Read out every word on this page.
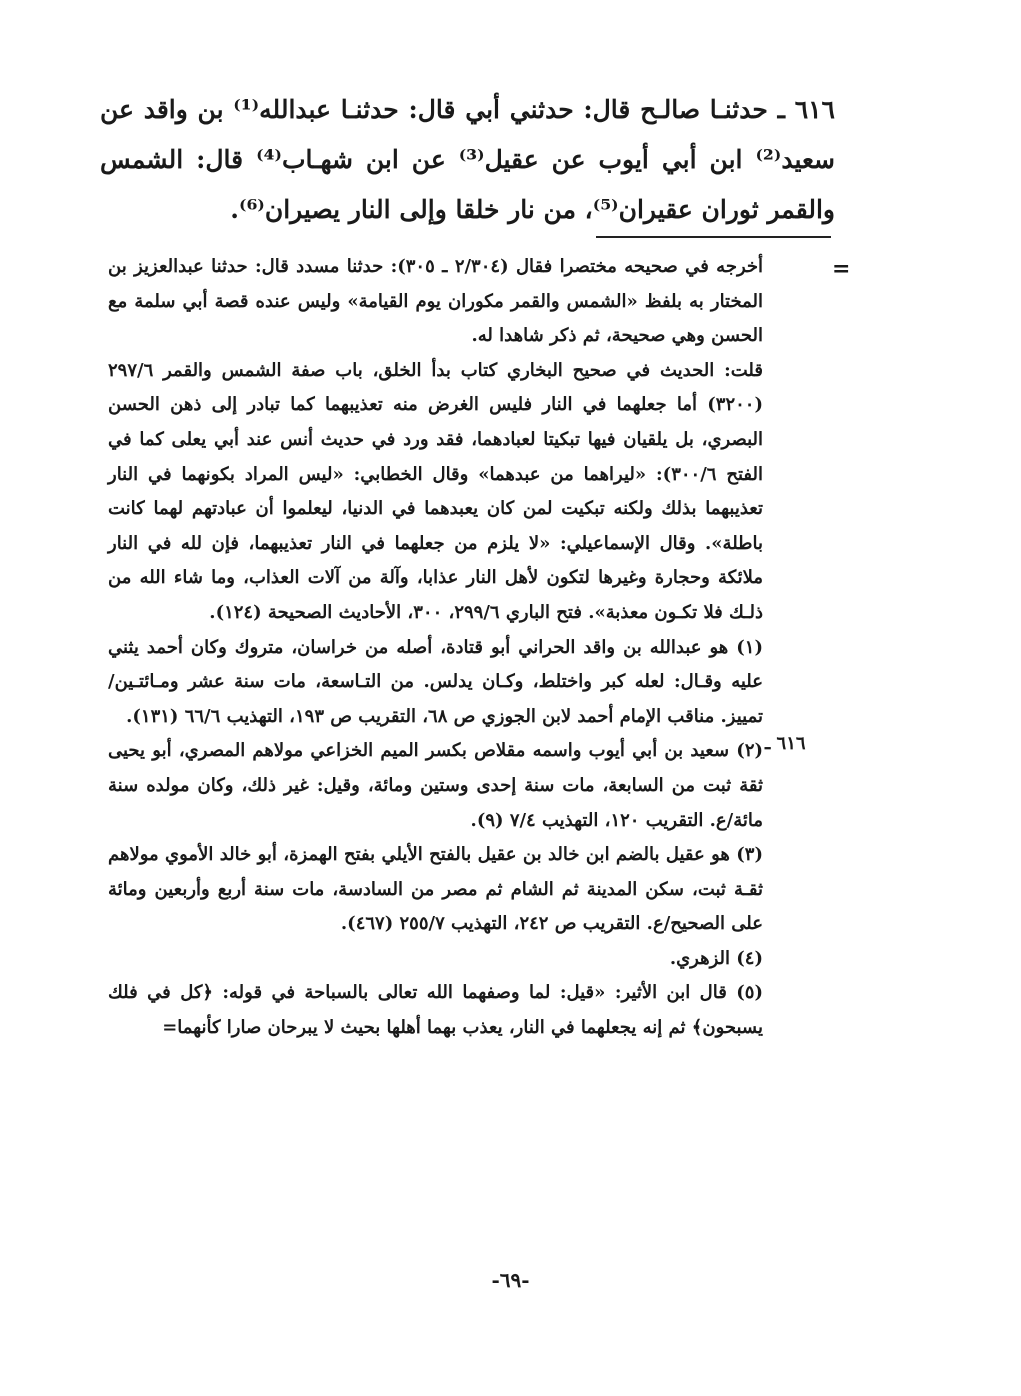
٦١٦ ـ حدثنـا صالـح قال: حدثني أبي قال: حدثنـا عبدالله⁽¹⁾ بن واقد عن سعيد⁽²⁾ ابن أبي أيوب عن عقيل⁽³⁾ عن ابن شهـاب⁽⁴⁾ قال: الشمس والقمر ثوران عقيران⁽⁵⁾، من نار خلقا وإلى النار يصيران⁽⁶⁾.
=
٦١٦ ـ

أخرجه في صحيحه مختصرا فقال (٢/٣٠٤ ـ ٣٠٥): حدثنا مسدد قال: حدثنا عبدالعزيز بن المختار به بلفظ «الشمس والقمر مكوران يوم القيامة» وليس عنده قصة أبي سلمة مع الحسن وهي صحيحة، ثم ذكر شاهدا له.

قلت: الحديث في صحيح البخاري كتاب بدأ الخلق، باب صفة الشمس والقمر ٢٩٧/٦ (٣٢٠٠) أما جعلهما في النار فليس الغرض منه تعذيبهما كما تبادر إلى ذهن الحسن البصري، بل يلقيان فيها تبكيتا لعبادهما، فقد ورد في حديث أنس عند أبي يعلى كما في الفتح ٣٠٠/٦): «ليراهما من عبدهما» وقال الخطابي: «ليس المراد بكونهما في النار تعذيبهما بذلك ولكنه تبكيت لمن كان يعبدهما في الدنيا، ليعلموا أن عبادتهم لهما كانت باطلة». وقال الإسماعيلي: «لا يلزم من جعلهما في النار تعذيبهما، فإن لله في النار ملائكة وحجارة وغيرها لتكون لأهل النار عذابا، وآلة من آلات العذاب، وما شاء الله من ذلـك فلا تكـون معذبة». فتح الباري ٢٩٩/٦، ٣٠٠، الأحاديث الصحيحة (١٢٤).

(١) هو عبدالله بن واقد الحراني أبو قتادة، أصله من خراسان، متروك وكان أحمد يثني عليه وقـال: لعله كبر واختلط، وكـان يدلس. من التـاسعة، مات سنة عشر ومـائتـين/تمييز. مناقب الإمام أحمد لابن الجوزي ص ٦٨، التقريب ص ١٩٣، التهذيب ٦٦/٦ (١٣١).

(٢) سعيد بن أبي أيوب واسمه مقلاص بكسر الميم الخزاعي مولاهم المصري، أبو يحيى ثقة ثبت من السابعة، مات سنة إحدى وستين ومائة، وقيل: غير ذلك، وكان مولده سنة مائة/ع. التقريب ١٢٠، التهذيب ٧/٤ (٩).

(٣) هو عقيل بالضم ابن خالد بن عقيل بالفتح الأيلي بفتح الهمزة، أبو خالد الأموي مولاهم ثقـة ثبت، سكن المدينة ثم الشام ثم مصر من السادسة، مات سنة أربع وأربعين ومائة على الصحيح/ع. التقريب ص ٢٤٢، التهذيب ٢٥٥/٧ (٤٦٧).

(٤) الزهري.

(٥) قال ابن الأثير: «قيل: لما وصفهما الله تعالى بالسباحة في قوله: ﴿كل في فلك يسبحون﴾ ثم إنه يجعلهما في النار، يعذب بهما أهلها بحيث لا يبرحان صارا كأنهما=

-٦٩-
